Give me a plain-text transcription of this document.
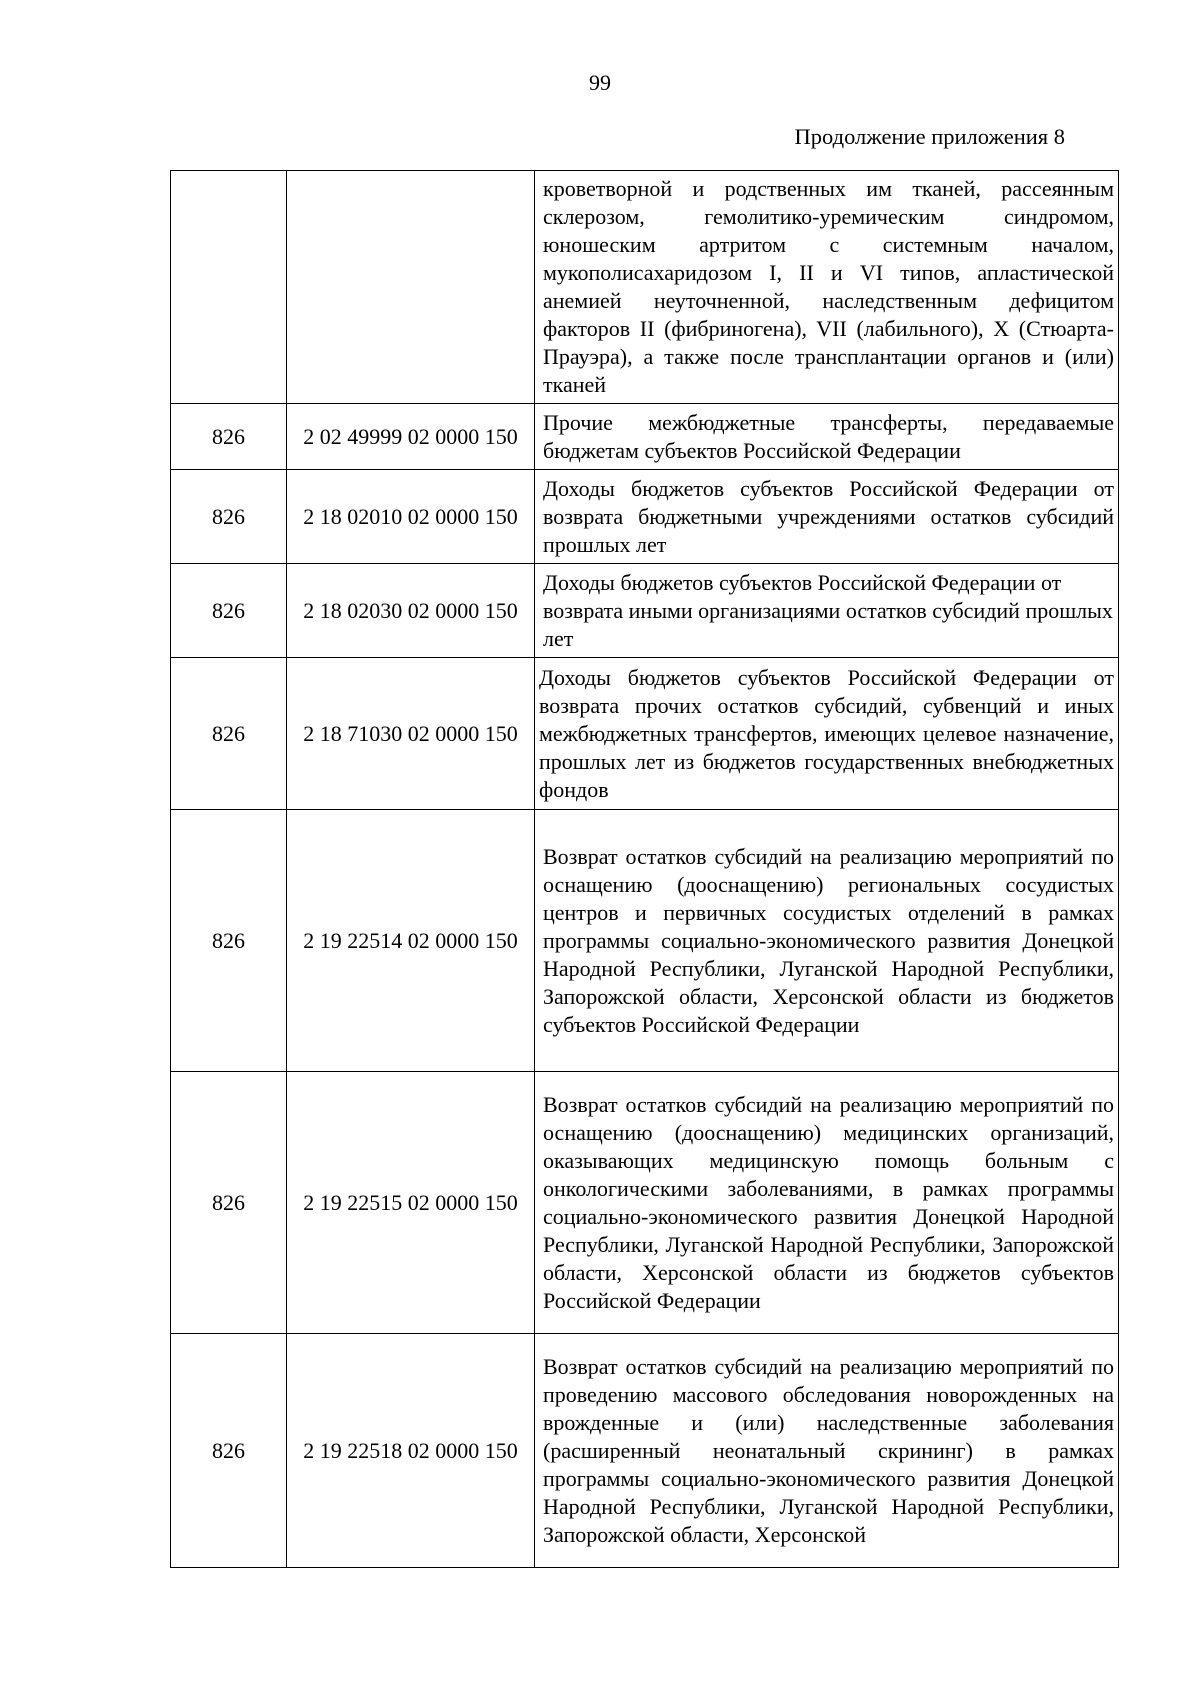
99
Продолжение приложения 8

		кроветворной и родственных им тканей, рассеянным склерозом, гемолитико-уремическим синдромом, юношеским артритом с системным началом, мукополисахаридозом I, II и VI типов, апластической анемией неуточненной, наследственным дефицитом факторов II (фибриногена), VII (лабильного), X (Стюарта-Прауэра), а также после трансплантации органов и (или) тканей

826	2 02 49999 02 0000 150	Прочие межбюджетные трансферты, передаваемые бюджетам субъектов Российской Федерации

826	2 18 02010 02 0000 150	Доходы бюджетов субъектов Российской Федерации от возврата бюджетными учреждениями остатков субсидий прошлых лет

826	2 18 02030 02 0000 150	Доходы бюджетов субъектов Российской Федерации от возврата иными организациями остатков субсидий прошлых лет

826	2 18 71030 02 0000 150	Доходы бюджетов субъектов Российской Федерации от возврата прочих остатков субсидий, субвенций и иных межбюджетных трансфертов, имеющих целевое назначение, прошлых лет из бюджетов государственных внебюджетных фондов

826	2 19 22514 02 0000 150	Возврат остатков субсидий на реализацию мероприятий по оснащению (дооснащению) региональных сосудистых центров и первичных сосудистых отделений в рамках программы социально-экономического развития Донецкой Народной Республики, Луганской Народной Республики, Запорожской области, Херсонской области из бюджетов субъектов Российской Федерации

826	2 19 22515 02 0000 150	Возврат остатков субсидий на реализацию мероприятий по оснащению (дооснащению) медицинских организаций, оказывающих медицинскую помощь больным с онкологическими заболеваниями, в рамках программы социально-экономического развития Донецкой Народной Республики, Луганской Народной Республики, Запорожской области, Херсонской области из бюджетов субъектов Российской Федерации

826	2 19 22518 02 0000 150	Возврат остатков субсидий на реализацию мероприятий по проведению массового обследования новорожденных на врожденные и (или) наследственные заболевания (расширенный неонатальный скрининг) в рамках программы социально-экономического развития Донецкой Народной Республики, Луганской Народной Республики, Запорожской области, Херсонской
